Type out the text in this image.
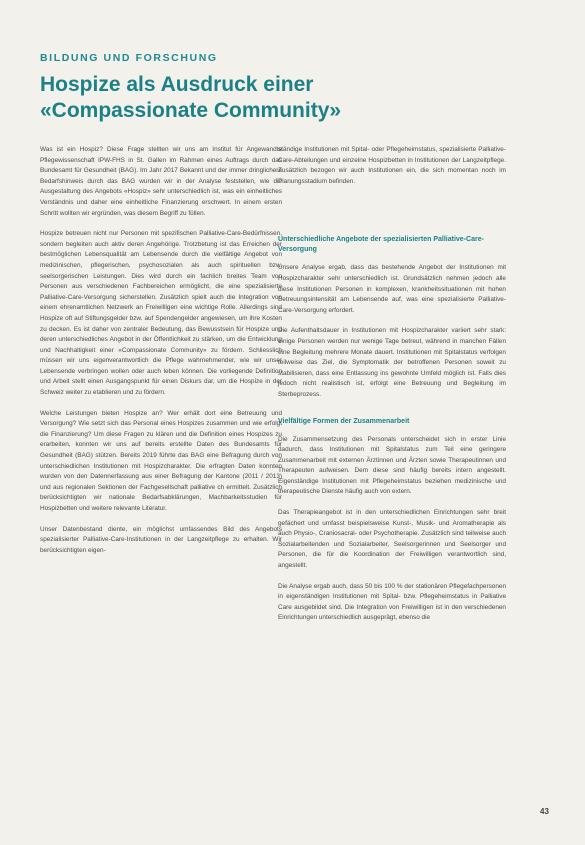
BILDUNG UND FORSCHUNG
Hospize als Ausdruck einer «Compassionate Community»

Was ist ein Hospiz? Diese Frage stellten wir uns am Institut für Angewandte Pflegewissenschaft IPW-FHS in St. Gallen im Rahmen eines Auftrags durch das Bundesamt für Gesundheit (BAG). Im Jahr 2017 Bekannt und der immer dringlichere Bedarfshinweis durch das BAG wurden wir in der Analyse feststellen, wie die Ausgestaltung des Angebots «Hospiz» sehr unterschiedlich ist, was ein einheitliches Verständnis und daher eine einheitliche Finanzierung erschwert. In einem ersten Schritt wollten wir ergründen, was diesem Begriff zu füllen.

Hospize betreuen nicht nur Personen mit spezifischen Palliative-Care-Bedürfnissen, sondern begleiten auch aktiv deren Angehörige. Trotzbetung ist das Erreichen der bestmöglichen Lebensqualität am Lebensende durch die vielfältige Angebot von medizinischen, pflegerischen, psychosozialen als auch spirituellen bzw. seelsorgerischen Leistungen. Dies wird durch ein fachlich breites Team von Personen aus verschiedenen Fachbereichen ermöglicht, die eine spezialisierte Palliative-Care-Versorgung sicherstellen. Zusätzlich spielt auch die Integration von einem ehrenamtlichen Netzwerk an Freiwilligen eine wichtige Rolle. Allerdings sind Hospize oft auf Stiftungsgelder bzw. auf Spendengelder angewiesen, um ihre Kosten zu decken. Es ist daher von zentraler Bedeutung, das Bewusstsein für Hospize und deren unterschiedliches Angebot in der Öffentlichkeit zu stärken, um die Entwicklung und Nachhaltigkeit einer «Compassionate Community» zu fördern. Schliesslich müssen wir uns eigenverantwortlich die Pflege wahrnehmender, wie wir unser Lebensende verbringen wollen oder auch leben können. Die vorliegende Definition und Arbeit stellt einen Ausgangspunkt für einen Diskurs dar, um die Hospize in der Schweiz weiter zu etablieren und zu fördern.

Welche Leistungen bieten Hospize an? Wer erhält dort eine Betreuung und Versorgung? Wie setzt sich das Personal eines Hospizes zusammen und wie erfolgt die Finanzierung? Um diese Fragen zu klären und die Definition eines Hospizes zu erarbeiten, konnten wir uns auf bereits erstellte Daten des Bundesamts für Gesundheit (BAG) stützen. Bereits 2019 führte das BAG eine Befragung durch von unterschiedlichen Institutionen mit Hospizcharakter. Die erfragten Daten konnten wurden von den Datennerfassung aus einer Befragung der Kantone (2011 / 2013) und aus regionalen Sektionen der Fachgesellschaft palliative ch ermittelt. Zusätzlich berücksichtigten wir nationale Bedarfsabklärungen, Machbarkeitsstudien für Hospizbetten und weitere relevante Literatur.

Unser Datenbestand diente, ein möglichst umfassendes Bild des Angebots spezialisierter Palliative-Care-Institutionen in der Langzeitpflege zu erhalten. Wir berücksichtigten eigen-

ständige Institutionen mit Spital- oder Pflegeheimstatus, spezialisierte Palliative-Care-Abteilungen und einzelne Hospizbetten in Institutionen der Langzeitpflege. Zusätzlich bezogen wir auch Institutionen ein, die sich momentan noch im Planungsstadium befinden.

Unterschiedliche Angebote der spezialisierten Palliative-Care-Versorgung

Unsere Analyse ergab, dass das bestehende Angebot der Institutionen mit Hospizcharakter sehr unterschiedlich ist. Grundsätzlich nehmen jedoch alle diese Institutionen Personen in komplexen, krankheitssituationen mit hohen Betreuungsintensität am Lebensende auf, was eine spezialisierte Palliative-Care-Versorgung erfordert.

Die Aufenthaltsdauer in Institutionen mit Hospizcharakter variiert sehr stark: einige Personen werden nur wenige Tage betreut, während in manchen Fällen eine Begleitung mehrere Monate dauert. Institutionen mit Spitalstatus verfolgen teilweise das Ziel, die Symptomatik der betroffenen Personen soweit zu stabilisieren, dass eine Entlassung ins gewohnte Umfeld möglich ist. Falls dies jedoch nicht realistisch ist, erfolgt eine Betreuung und Begleitung im Sterbeprozess.

Vielfältige Formen der Zusammenarbeit

Die Zusammensetzung des Personals unterscheidet sich in erster Linie dadurch, dass Institutionen mit Spitalstatus zum Teil eine geringere Zusammenarbeit mit externen Ärztinnen und Ärzten sowie Therapeutinnen und Therapeuten aufweisen. Dem diese sind häufig bereits intern angestellt. Eigenständige Institutionen mit Pflegeheimstatus beziehen medizinische und therapeutische Dienste häufig auch von extern.

Das Therapieangebot ist in den unterschiedlichen Einrichtungen sehr breit gefächert und umfasst beispielsweise Kunst-, Musik- und Aromatherapie als auch Physio-, Craniosacral- oder Psychotherapie. Zusätzlich sind teilweise auch Sozialarbeitenden und Sozialarbeiter, Seelsorgerinnen und Seelsorger und Personen, die für die Koordination der Freiwilligen verantwortlich sind, angestellt.

Die Analyse ergab auch, dass 50 bis 100 % der stationären Pflegefachpersonen in eigenständigen Institutionen mit Spital- bzw. Pflegeheimstatus in Palliative Care ausgebildet sind. Die Integration von Freiwilligen ist in den verschiedenen Einrichtungen unterschiedlich ausgeprägt, ebenso die

43
